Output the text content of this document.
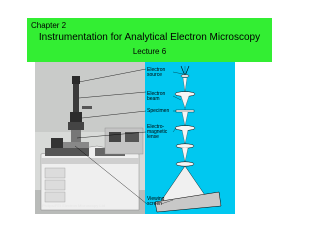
Chapter 2
Instrumentation for Analytical Electron Microscopy
Lecture 6
Electron
source
Electron
beam
Specimen
Electro-
magnetic
lense
Viewing
screen
Philips/FEI Electron Microscopy Ltd
